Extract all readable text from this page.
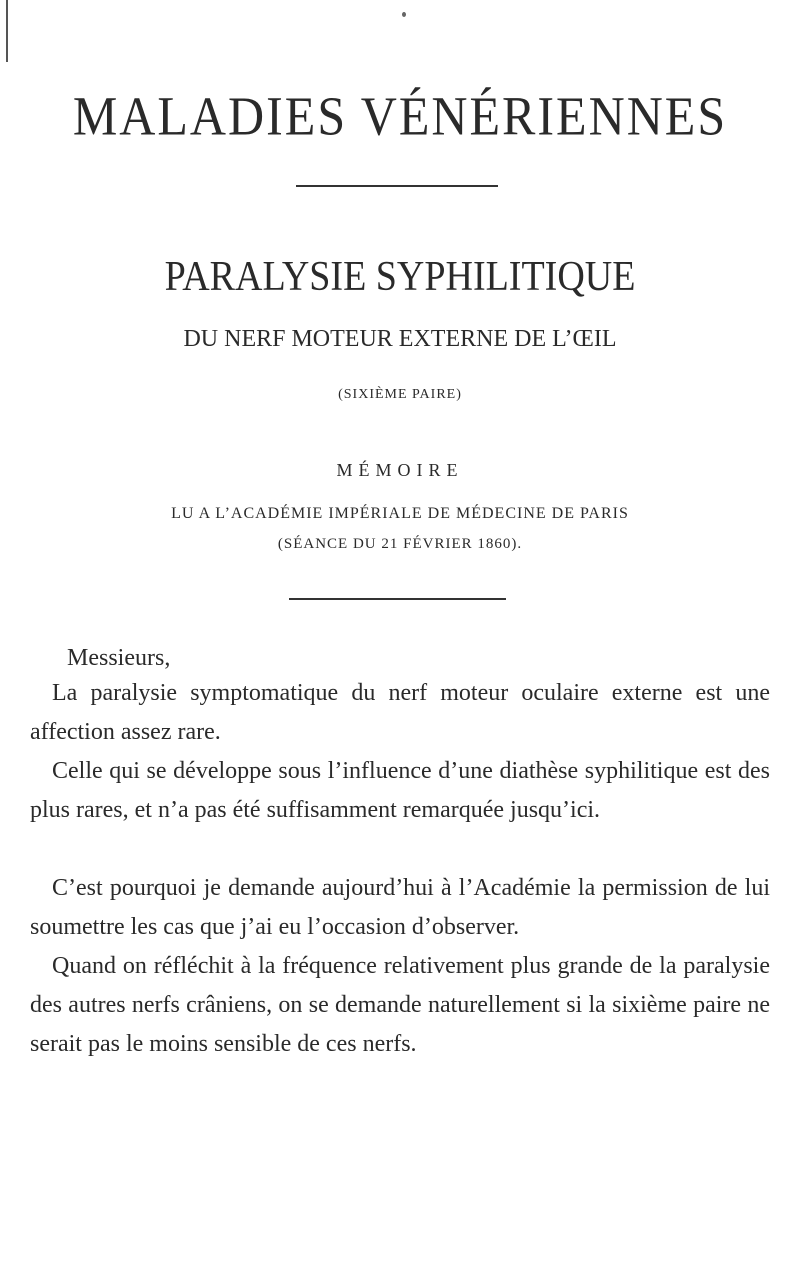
MALADIES VÉNÉRIENNES
PARALYSIE SYPHILITIQUE
DU NERF MOTEUR EXTERNE DE L’ŒIL
(SIXIÈME PAIRE)
MÉMOIRE
LU A L’ACADÉMIE IMPÉRIALE DE MÉDECINE DE PARIS
(SÉANCE DU 21 FÉVRIER 1860).
Messieurs,

La paralysie symptomatique du nerf moteur oculaire externe est une affection assez rare.

Celle qui se développe sous l’influence d’une diathèse syphilitique est des plus rares, et n’a pas été suffisamment remarquée jusqu’ici.

C’est pourquoi je demande aujourd’hui à l’Académie la permission de lui soumettre les cas que j’ai eu l’occasion d’observer.

Quand on réfléchit à la fréquence relativement plus grande de la paralysie des autres nerfs crâniens, on se demande naturellement si la sixième paire ne serait pas le moins sensible de ces nerfs.
